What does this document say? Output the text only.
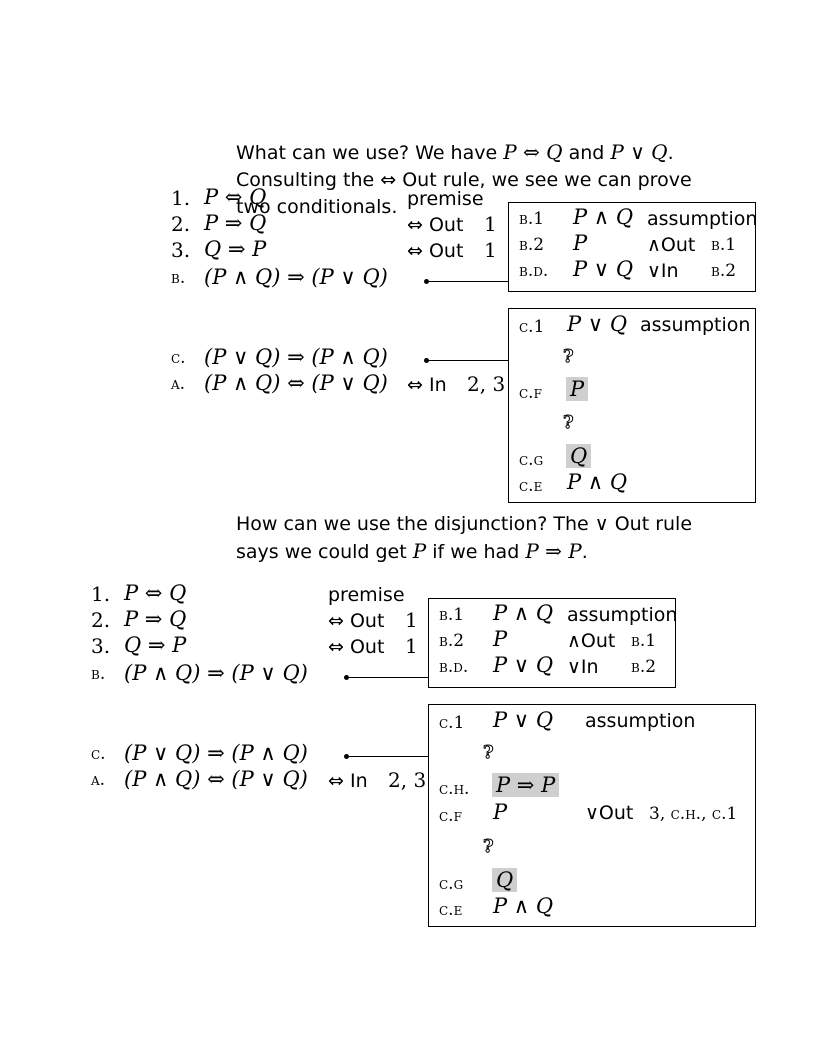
What can we use? We have P ⇔ Q and P ∨ Q.
Consulting the ⇔ Out rule, we see we can prove
two conditionals.
1. P ⇔ Q	premise
2. P ⇒ Q	⇔ Out 1
3. Q ⇒ P	⇔ Out 1
b. (P ∧ Q) ⇒ (P ∨ Q)
c. (P ∨ Q) ⇒ (P ∧ Q)
a. (P ∧ Q) ⇔ (P ∨ Q) ⇔ In 2, 3
b.1 P ∧ Q assumption
b.2 P	∧Out b.1
b.d. P ∨ Q ∨In b.2
c.1 P ∨ Q assumption
?
c.f P
?
c.g Q
c.e P ∧ Q
How can we use the disjunction? The ∨ Out rule
says we could get P if we had P ⇒ P.
1. P ⇔ Q	premise
2. P ⇒ Q	⇔ Out 1
3. Q ⇒ P	⇔ Out 1
b. (P ∧ Q) ⇒ (P ∨ Q)
c. (P ∨ Q) ⇒ (P ∧ Q)
a. (P ∧ Q) ⇔ (P ∨ Q) ⇔ In 2, 3
b.1 P ∧ Q assumption
b.2 P	∧Out b.1
b.d. P ∨ Q ∨In b.2
c.1 P ∨ Q assumption
?
c.h. P ⇒ P
c.f P	∨Out 3, c.h., c.1
?
c.g Q
c.e P ∧ Q
